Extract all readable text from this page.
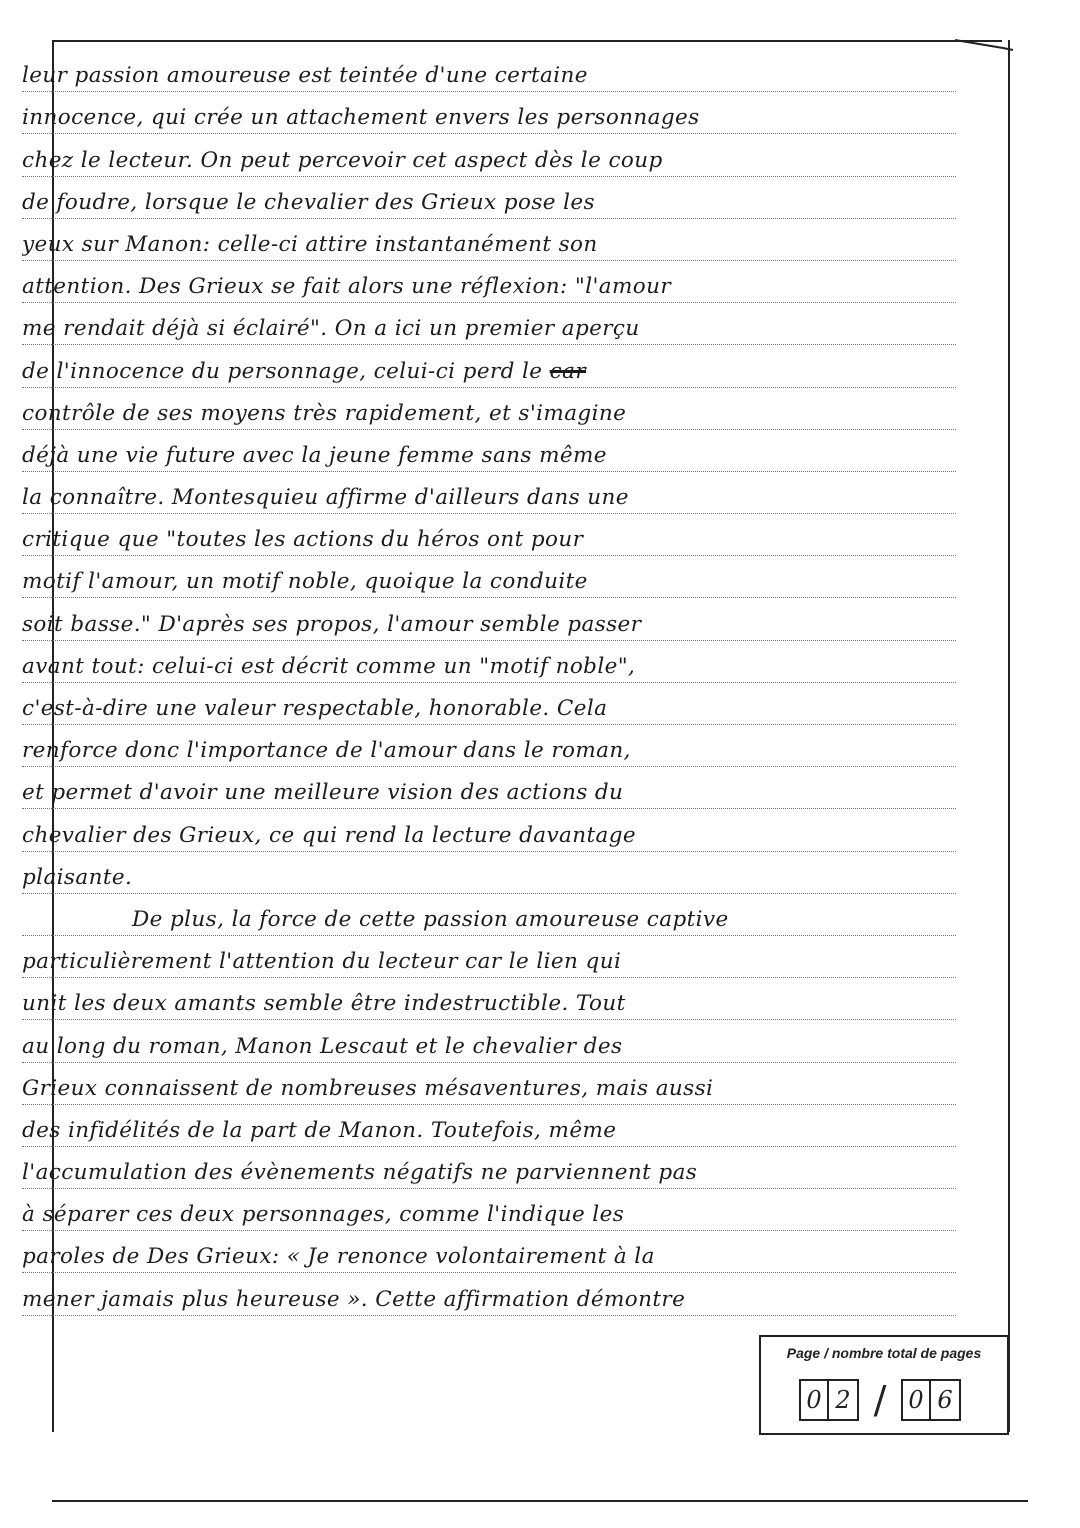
leur passion amoureuse est teintée d'une certaine
innocence, qui crée un attachement envers les personnages
chez le lecteur. On peut percevoir cet aspect dès le coup
de foudre, lorsque le chevalier des Grieux pose les
yeux sur Manon: celle-ci attire instantanément son
attention. Des Grieux se fait alors une réflexion: "l'amour
me rendait déjà si éclairé". On a ici un premier aperçu
de l'innocence du personnage, celui-ci perd le
car
contrôle de ses moyens très rapidement, et s'imagine
déjà une vie future avec la jeune femme sans même
la connaître. Montesquieu affirme d'ailleurs dans une
critique que "toutes les actions du héros ont pour
motif l'amour, un motif noble, quoique la conduite
soit basse." D'après ses propos, l'amour semble passer
avant tout: celui-ci est décrit comme un "motif noble",
c'est-à-dire une valeur respectable, honorable. Cela
renforce donc l'importance de l'amour dans le roman,
et permet d'avoir une meilleure vision des actions du
chevalier des Grieux, ce qui rend la lecture davantage
plaisante.
De plus, la force de cette passion amoureuse captive
particulièrement l'attention du lecteur car le lien qui
unit les deux amants semble être indestructible. Tout
au long du roman, Manon Lescaut et le chevalier des
Grieux connaissent de nombreuses mésaventures, mais aussi
des infidélités de la part de Manon. Toutefois, même
l'accumulation des évènements négatifs ne parviennent pas
à séparer ces deux personnages, comme l'indique les
paroles de Des Grieux: « Je renonce volontairement à la
mener jamais plus heureuse ». Cette affirmation démontre
Page / nombre total de pages
0 2 / 0 6
